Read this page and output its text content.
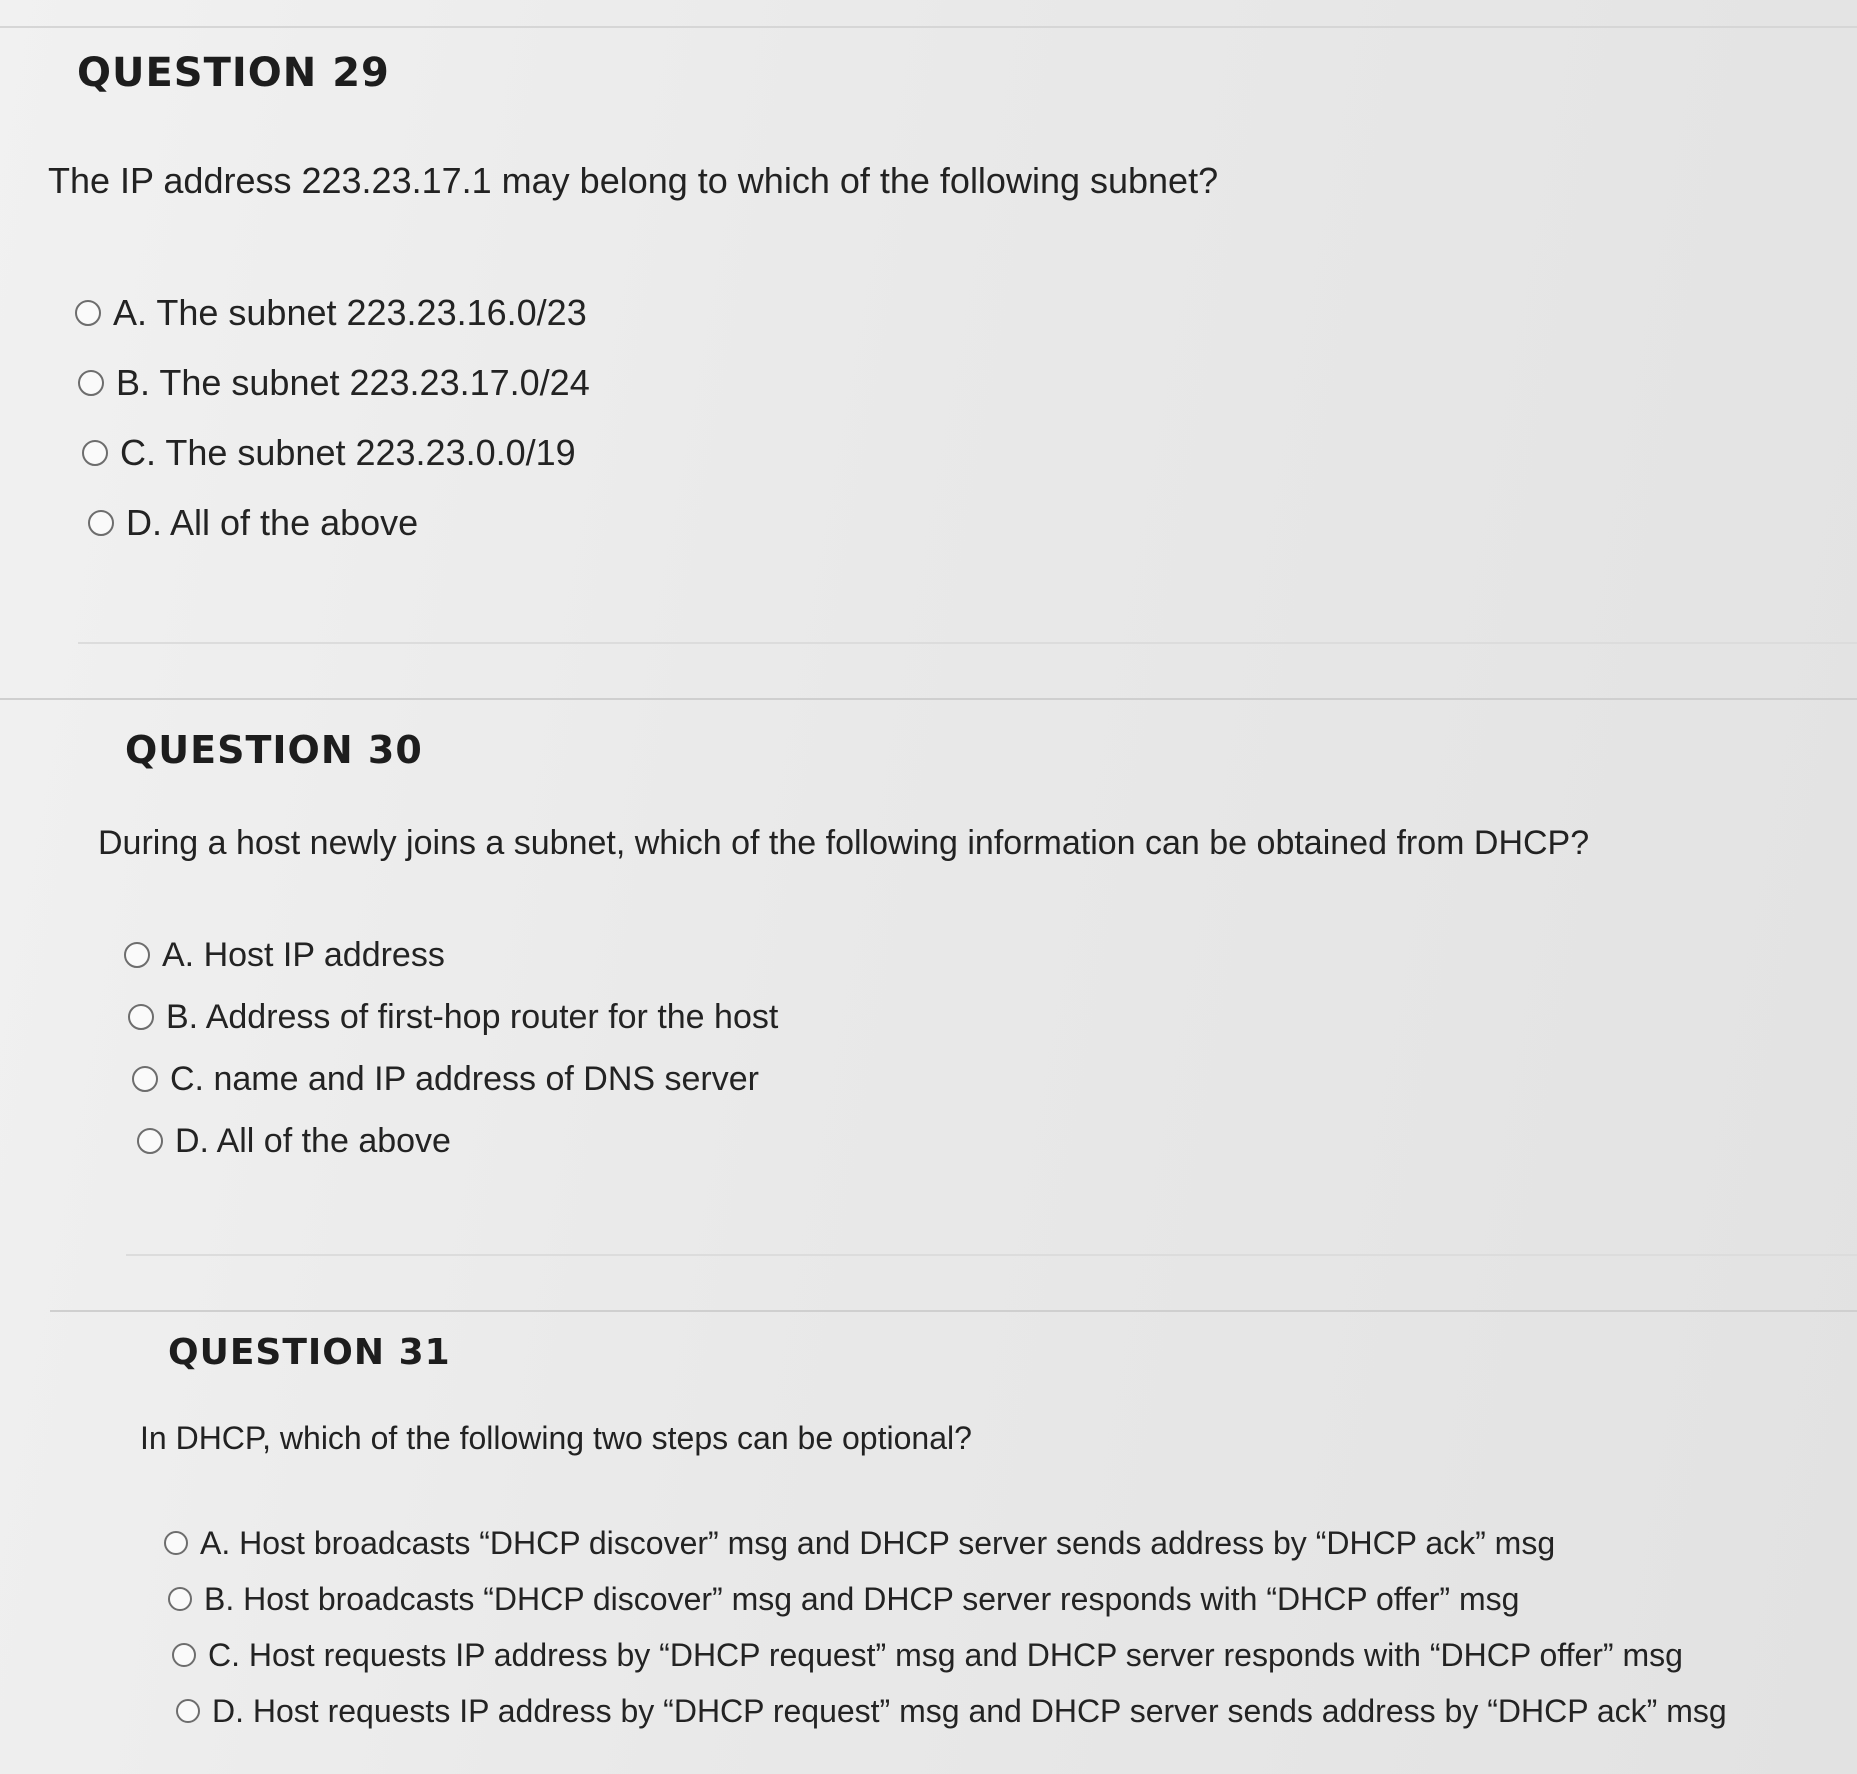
QUESTION 29
The IP address 223.23.17.1 may belong to which of the following subnet?
A. The subnet 223.23.16.0/23
B. The subnet 223.23.17.0/24
C. The subnet 223.23.0.0/19
D. All of the above
QUESTION 30
During a host newly joins a subnet, which of the following information can be obtained from DHCP?
A. Host IP address
B. Address of first-hop router for the host
C. name and IP address of DNS server
D. All of the above
QUESTION 31
In DHCP, which of the following two steps can be optional?
A. Host broadcasts “DHCP discover” msg and DHCP server sends address by “DHCP ack” msg
B. Host broadcasts “DHCP discover” msg and DHCP server responds with “DHCP offer” msg
C. Host requests IP address by “DHCP request” msg and DHCP server responds with “DHCP offer” msg
D. Host requests IP address by “DHCP request” msg and DHCP server sends address by “DHCP ack” msg
